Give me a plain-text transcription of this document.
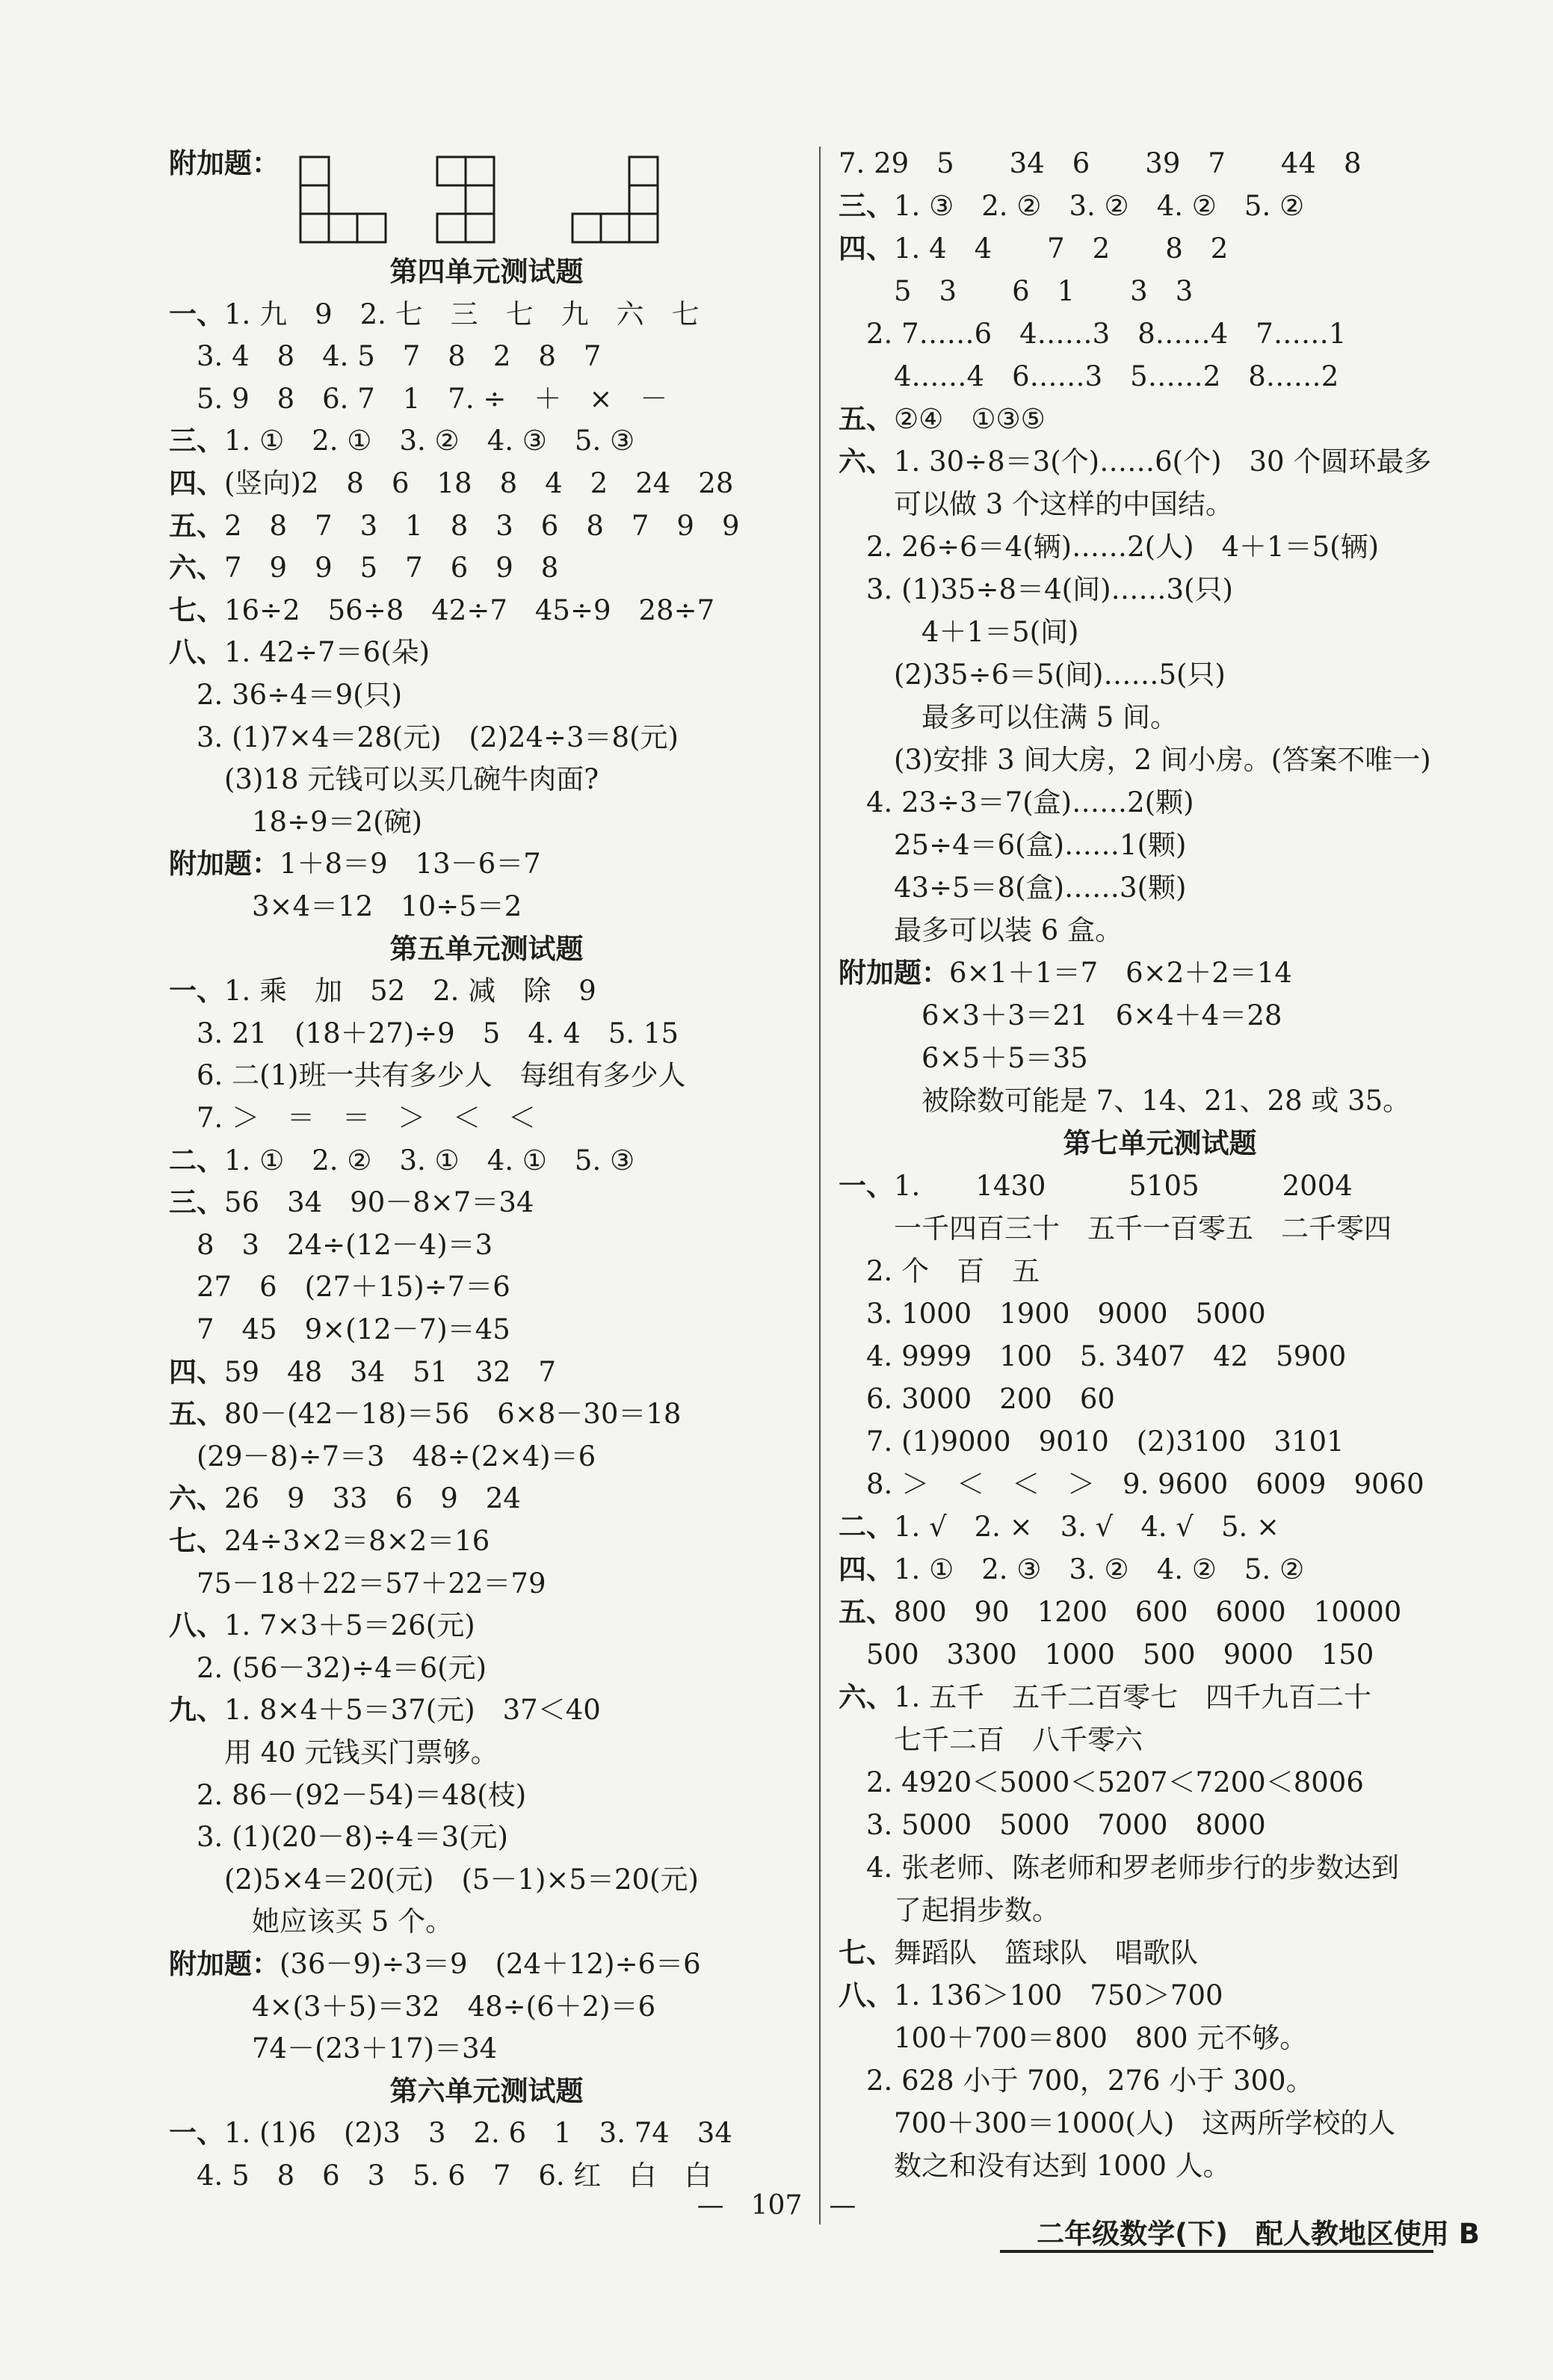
附加题：
第四单元测试题
一、1. 九　9　2. 七　三　七　九　六　七
　3. 4　8　4. 5　7　8　2　8　7
　5. 9　8　6. 7　1　7. ÷　＋　×　－
三、1. ①　2. ①　3. ②　4. ③　5. ③
四、(竖向)2　8　6　18　8　4　2　24　28
五、2　8　7　3　1　8　3　6　8　7　9　9
六、7　9　9　5　7　6　9　8
七、16÷2　56÷8　42÷7　45÷9　28÷7
八、1. 42÷7＝6(朵)
　2. 36÷4＝9(只)
　3. (1)7×4＝28(元)　(2)24÷3＝8(元)
　　(3)18 元钱可以买几碗牛肉面?
　　　18÷9＝2(碗)
附加题：1＋8＝9　13－6＝7
　　　3×4＝12　10÷5＝2
第五单元测试题
一、1. 乘　加　52　2. 减　除　9
　3. 21　(18＋27)÷9　5　4. 4　5. 15
　6. 二(1)班一共有多少人　每组有多少人
　7. ＞　＝　＝　＞　＜　＜
二、1. ①　2. ②　3. ①　4. ①　5. ③
三、56　34　90－8×7＝34
　8　3　24÷(12－4)＝3
　27　6　(27＋15)÷7＝6
　7　45　9×(12－7)＝45
四、59　48　34　51　32　7
五、80－(42－18)＝56　6×8－30＝18
　(29－8)÷7＝3　48÷(2×4)＝6
六、26　9　33　6　9　24
七、24÷3×2＝8×2＝16
　75－18＋22＝57＋22＝79
八、1. 7×3＋5＝26(元)
　2. (56－32)÷4＝6(元)
九、1. 8×4＋5＝37(元)　37＜40
　　用 40 元钱买门票够。
　2. 86－(92－54)＝48(枝)
　3. (1)(20－8)÷4＝3(元)
　　(2)5×4＝20(元)　(5－1)×5＝20(元)
　　　她应该买 5 个。
附加题：(36－9)÷3＝9　(24＋12)÷6＝6
　　　4×(3＋5)＝32　48÷(6＋2)＝6
　　　74－(23＋17)＝34
第六单元测试题
一、1. (1)6　(2)3　3　2. 6　1　3. 74　34
　4. 5　8　6　3　5. 6　7　6. 红　白　白
7. 29　5　　34　6　　39　7　　44　8
三、1. ③　2. ②　3. ②　4. ②　5. ②
四、1. 4　4　　7　2　　8　2
　　5　3　　6　1　　3　3
　2. 7……6　4……3　8……4　7……1
　　4……4　6……3　5……2　8……2
五、②④　①③⑤
六、1. 30÷8＝3(个)……6(个)　30 个圆环最多
　　可以做 3 个这样的中国结。
　2. 26÷6＝4(辆)……2(人)　4＋1＝5(辆)
　3. (1)35÷8＝4(间)……3(只)
　　　4＋1＝5(间)
　　(2)35÷6＝5(间)……5(只)
　　　最多可以住满 5 间。
　　(3)安排 3 间大房，2 间小房。(答案不唯一)
　4. 23÷3＝7(盒)……2(颗)
　　25÷4＝6(盒)……1(颗)
　　43÷5＝8(盒)……3(颗)
　　最多可以装 6 盒。
附加题：6×1＋1＝7　6×2＋2＝14
　　　6×3＋3＝21　6×4＋4＝28
　　　6×5＋5＝35
　　　被除数可能是 7、14、21、28 或 35。
第七单元测试题
一、1.　　1430　　　5105　　　2004
　　一千四百三十　五千一百零五　二千零四
　2. 个　百　五
　3. 1000　1900　9000　5000
　4. 9999　100　5. 3407　42　5900
　6. 3000　200　60
　7. (1)9000　9010　(2)3100　3101
　8. ＞　＜　＜　＞　9. 9600　6009　9060
二、1. √　2. ×　3. √　4. √　5. ×
四、1. ①　2. ③　3. ②　4. ②　5. ②
五、800　90　1200　600　6000　10000
　500　3300　1000　500　9000　150
六、1. 五千　五千二百零七　四千九百二十
　　七千二百　八千零六
　2. 4920＜5000＜5207＜7200＜8006
　3. 5000　5000　7000　8000
　4. 张老师、陈老师和罗老师步行的步数达到
　　了起捐步数。
七、舞蹈队　篮球队　唱歌队
八、1. 136＞100　750＞700
　　100＋700＝800　800 元不够。
　2. 628 小于 700，276 小于 300。
　　700＋300＝1000(人)　这两所学校的人
　　数之和没有达到 1000 人。
—　107　—
二年级数学(下)　配人教地区使用 B
